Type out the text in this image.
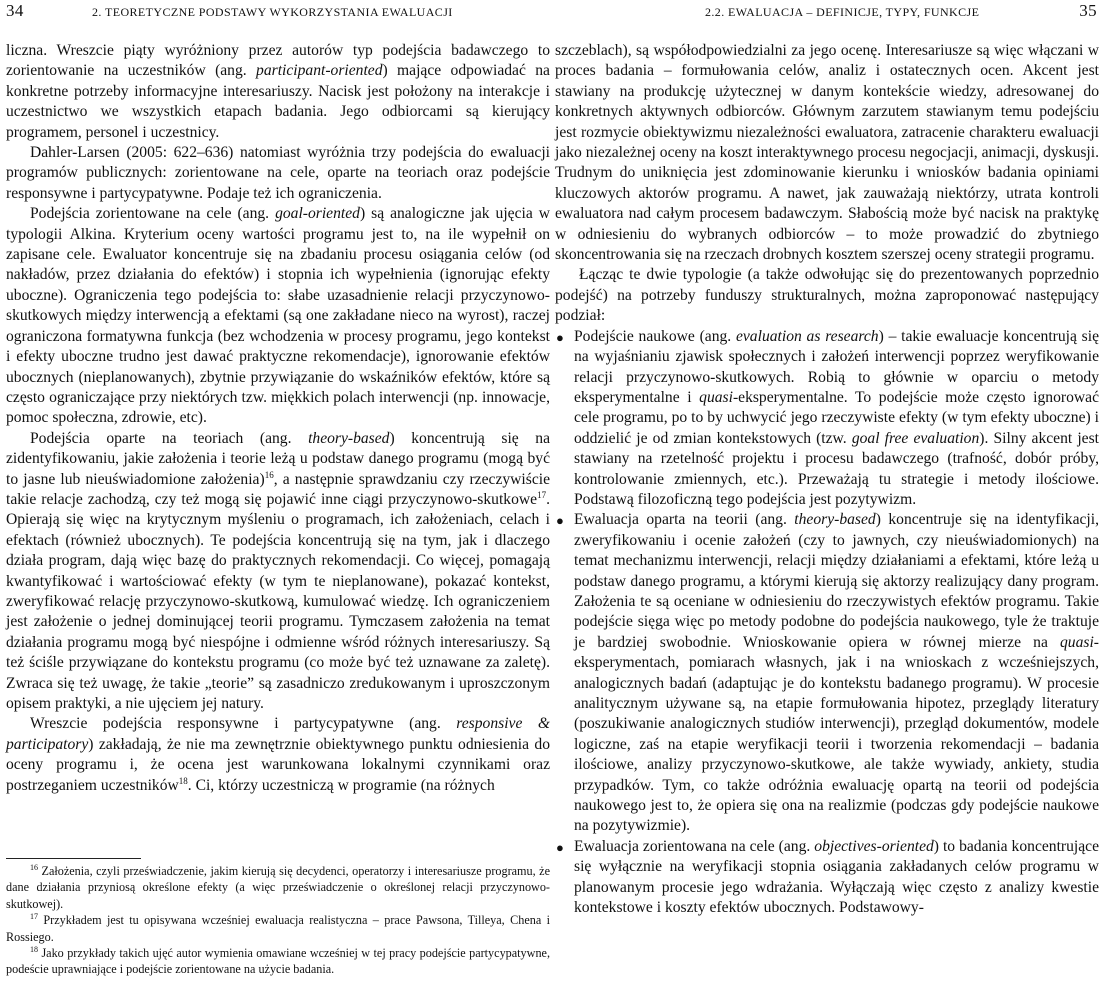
34	2. TEORETYCZNE PODSTAWY WYKORZYSTANIA EWALUACJI

liczna. Wreszcie piąty wyróżniony przez autorów typ podejścia badawczego to zorientowanie na uczestników (ang. participant-oriented) mające odpowiadać na konkretne potrzeby informacyjne interesariuszy. Nacisk jest położony na interakcje i uczestnictwo we wszystkich etapach badania. Jego odbiorcami są kierujący programem, personel i uczestnicy.

Dahler-Larsen (2005: 622–636) natomiast wyróżnia trzy podejścia do ewaluacji programów publicznych: zorientowane na cele, oparte na teoriach oraz podejście responsywne i partycypatywne. Podaje też ich ograniczenia.

Podejścia zorientowane na cele (ang. goal-oriented) są analogiczne jak ujęcia w typologii Alkina. Kryterium oceny wartości programu jest to, na ile wypełnił on zapisane cele. Ewaluator koncentruje się na zbadaniu procesu osiągania celów (od nakładów, przez działania do efektów) i stopnia ich wypełnienia (ignorując efekty uboczne). Ograniczenia tego podejścia to: słabe uzasadnienie relacji przyczynowo-skutkowych między interwencją a efektami (są one zakładane nieco na wyrost), raczej ograniczona formatywna funkcja (bez wchodzenia w procesy programu, jego kontekst i efekty uboczne trudno jest dawać praktyczne rekomendacje), ignorowanie efektów ubocznych (nieplanowanych), zbytnie przywiązanie do wskaźników efektów, które są często ograniczające przy niektórych tzw. miękkich polach interwencji (np. innowacje, pomoc społeczna, zdrowie, etc).

Podejścia oparte na teoriach (ang. theory-based) koncentrują się na zidentyfikowaniu, jakie założenia i teorie leżą u podstaw danego programu (mogą być to jasne lub nieuświadomione założenia)$^{16}$, a następnie sprawdzaniu czy rzeczywiście takie relacje zachodzą, czy też mogą się pojawić inne ciągi przyczynowo-skutkowe$^{17}$. Opierają się więc na krytycznym myśleniu o programach, ich założeniach, celach i efektach (również ubocznych). Te podejścia koncentrują się na tym, jak i dlaczego działa program, dają więc bazę do praktycznych rekomendacji. Co więcej, pomagają kwantyfikować i wartościować efekty (w tym te nieplanowane), pokazać kontekst, zweryfikować relację przyczynowo-skutkową, kumulować wiedzę. Ich ograniczeniem jest założenie o jednej dominującej teorii programu. Tymczasem założenia na temat działania programu mogą być niespójne i odmienne wśród różnych interesariuszy. Są też ściśle przywiązane do kontekstu programu (co może być też uznawane za zaletę). Zwraca się też uwagę, że takie „teorie” są zasadniczo zredukowanym i uproszczonym opisem praktyki, a nie ujęciem jej natury.

Wreszcie podejścia responsywne i partycypatywne (ang. responsive & participatory) zakładają, że nie ma zewnętrznie obiektywnego punktu odniesienia do oceny programu i, że ocena jest warunkowana lokalnymi czynnikami oraz postrzeganiem uczestników$^{18}$. Ci, którzy uczestniczą w programie (na różnych

$^{16}$ Założenia, czyli przeświadczenie, jakim kierują się decydenci, operatorzy i interesariusze programu, że dane działania przyniosą określone efekty (a więc przeświadczenie o określonej relacji przyczynowo-skutkowej).

$^{17}$ Przykładem jest tu opisywana wcześniej ewaluacja realistyczna – prace Pawsona, Tilleya, Chena i Rossiego.

$^{18}$ Jako przykłady takich ujęć autor wymienia omawiane wcześniej w tej pracy podejście partycypatywne, podeście uprawniające i podejście zorientowane na użycie badania.

2.2. EWALUACJA – DEFINICJE, TYPY, FUNKCJE	35

szczeblach), są współodpowiedzialni za jego ocenę. Interesariusze są więc włączani w proces badania – formułowania celów, analiz i ostatecznych ocen. Akcent jest stawiany na produkcję użytecznej w danym kontekście wiedzy, adresowanej do konkretnych aktywnych odbiorców. Głównym zarzutem stawianym temu podejściu jest rozmycie obiektywizmu niezależności ewaluatora, zatracenie charakteru ewaluacji jako niezależnej oceny na koszt interaktywnego procesu negocjacji, animacji, dyskusji. Trudnym do uniknięcia jest zdominowanie kierunku i wniosków badania opiniami kluczowych aktorów programu. A nawet, jak zauważają niektórzy, utrata kontroli ewaluatora nad całym procesem badawczym. Słabością może być nacisk na praktykę w odniesieniu do wybranych odbiorców – to może prowadzić do zbytniego skoncentrowania się na rzeczach drobnych kosztem szerszej oceny strategii programu.

Łącząc te dwie typologie (a także odwołując się do prezentowanych poprzednio podejść) na potrzeby funduszy strukturalnych, można zaproponować następujący podział:

● Podejście naukowe (ang. evaluation as research) – takie ewaluacje koncentrują się na wyjaśnianiu zjawisk społecznych i założeń interwencji poprzez weryfikowanie relacji przyczynowo-skutkowych. Robią to głównie w oparciu o metody eksperymentalne i quasi-eksperymentalne. To podejście może często ignorować cele programu, po to by uchwycić jego rzeczywiste efekty (w tym efekty uboczne) i oddzielić je od zmian kontekstowych (tzw. goal free evaluation). Silny akcent jest stawiany na rzetelność projektu i procesu badawczego (trafność, dobór próby, kontrolowanie zmiennych, etc.). Przeważają tu strategie i metody ilościowe. Podstawą filozoficzną tego podejścia jest pozytywizm.
● Ewaluacja oparta na teorii (ang. theory-based) koncentruje się na identyfikacji, zweryfikowaniu i ocenie założeń (czy to jawnych, czy nieuświadomionych) na temat mechanizmu interwencji, relacji między działaniami a efektami, które leżą u podstaw danego programu, a którymi kierują się aktorzy realizujący dany program. Założenia te są oceniane w odniesieniu do rzeczywistych efektów programu. Takie podejście sięga więc po metody podobne do podejścia naukowego, tyle że traktuje je bardziej swobodnie. Wnioskowanie opiera w równej mierze na quasi-eksperymentach, pomiarach własnych, jak i na wnioskach z wcześniejszych, analogicznych badań (adaptując je do kontekstu badanego programu). W procesie analitycznym używane są, na etapie formułowania hipotez, przeglądy literatury (poszukiwanie analogicznych studiów interwencji), przegląd dokumentów, modele logiczne, zaś na etapie weryfikacji teorii i tworzenia rekomendacji – badania ilościowe, analizy przyczynowo-skutkowe, ale także wywiady, ankiety, studia przypadków. Tym, co także odróżnia ewaluację opartą na teorii od podejścia naukowego jest to, że opiera się ona na realizmie (podczas gdy podejście naukowe na pozytywizmie).
● Ewaluacja zorientowana na cele (ang. objectives-oriented) to badania koncentrujące się wyłącznie na weryfikacji stopnia osiągania zakładanych celów programu w planowanym procesie jego wdrażania. Wyłączają więc często z analizy kwestie kontekstowe i koszty efektów ubocznych. Podstawowy-
